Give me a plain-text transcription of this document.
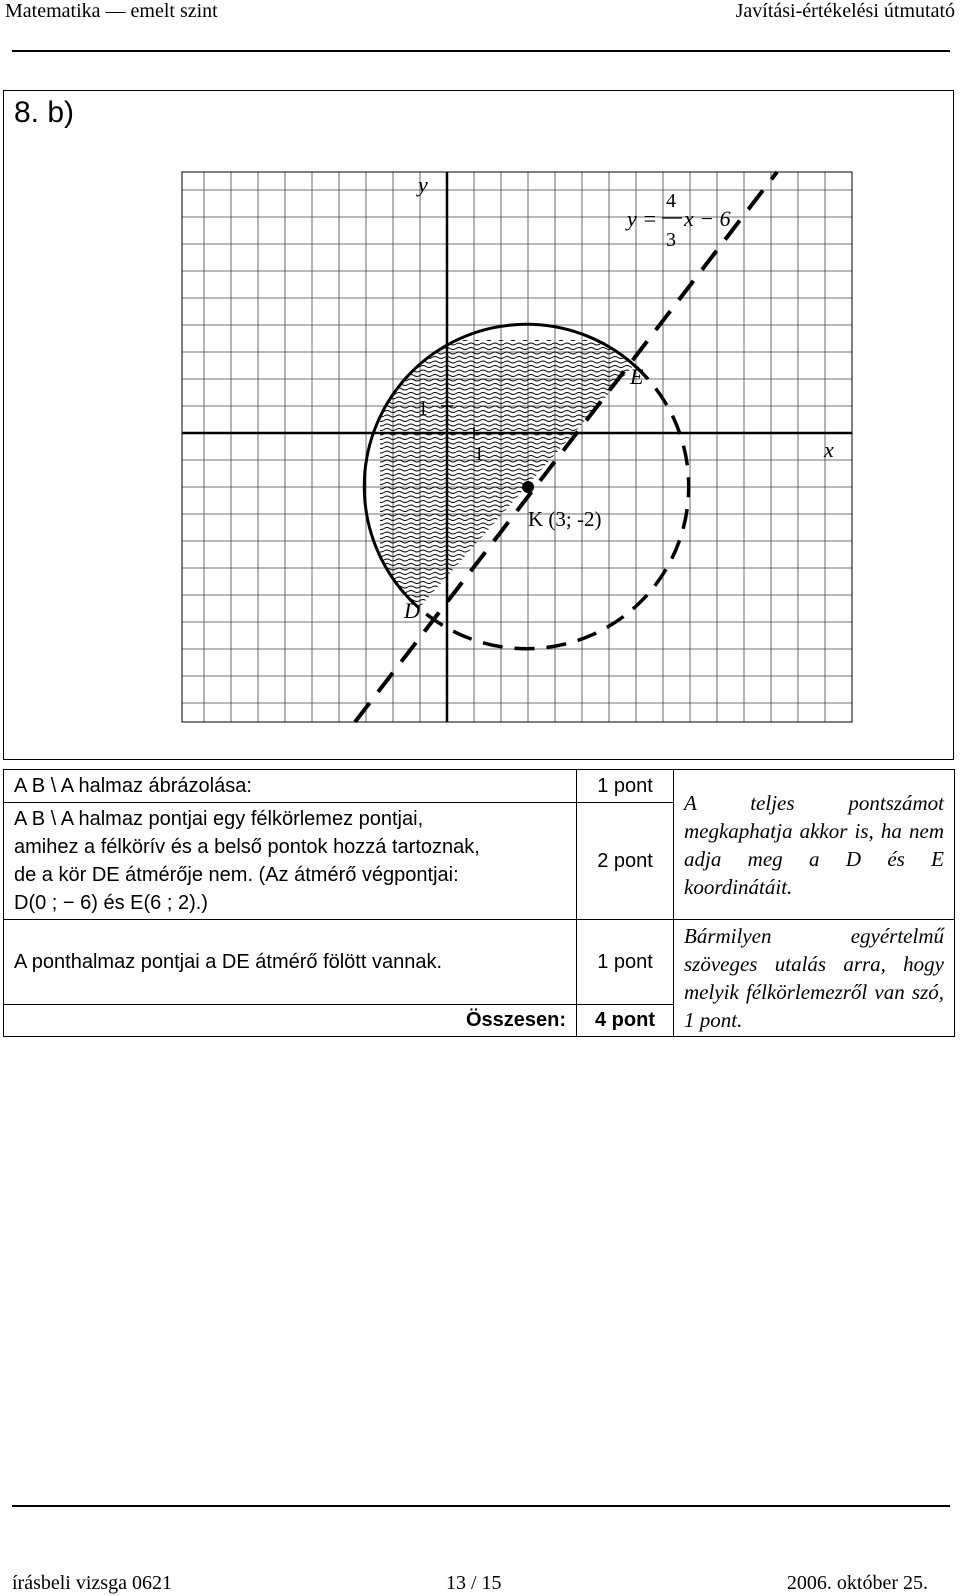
Matematika — emelt szint	Javítási-értékelési útmutató
8. b)
y
x
1
1
y =
4
3
x − 6
E
D
K (3; -2)
A B \ A halmaz ábrázolása:	1 pont	A teljes pontszámot megkaphatja akkor is, ha nem adja meg a D és E koordinátáit.

A B \ A halmaz pontjai egy félkörlemez pontjai,
amihez a félkörív és a belső pontok hozzá tartoznak,
de a kör DE átmérője nem. (Az átmérő végpontjai:
D(0 ; − 6) és E(6 ; 2).)	2 pont	
A ponthalmaz pontjai a DE átmérő fölött vannak.	1 pont	Bármilyen egyértelmű szöveges utalás arra, hogy melyik félkörlemezről van szó, 1 pont.
Összesen:	4 pont	
írásbeli vizsga 0621	13 / 15	2006. október 25.
